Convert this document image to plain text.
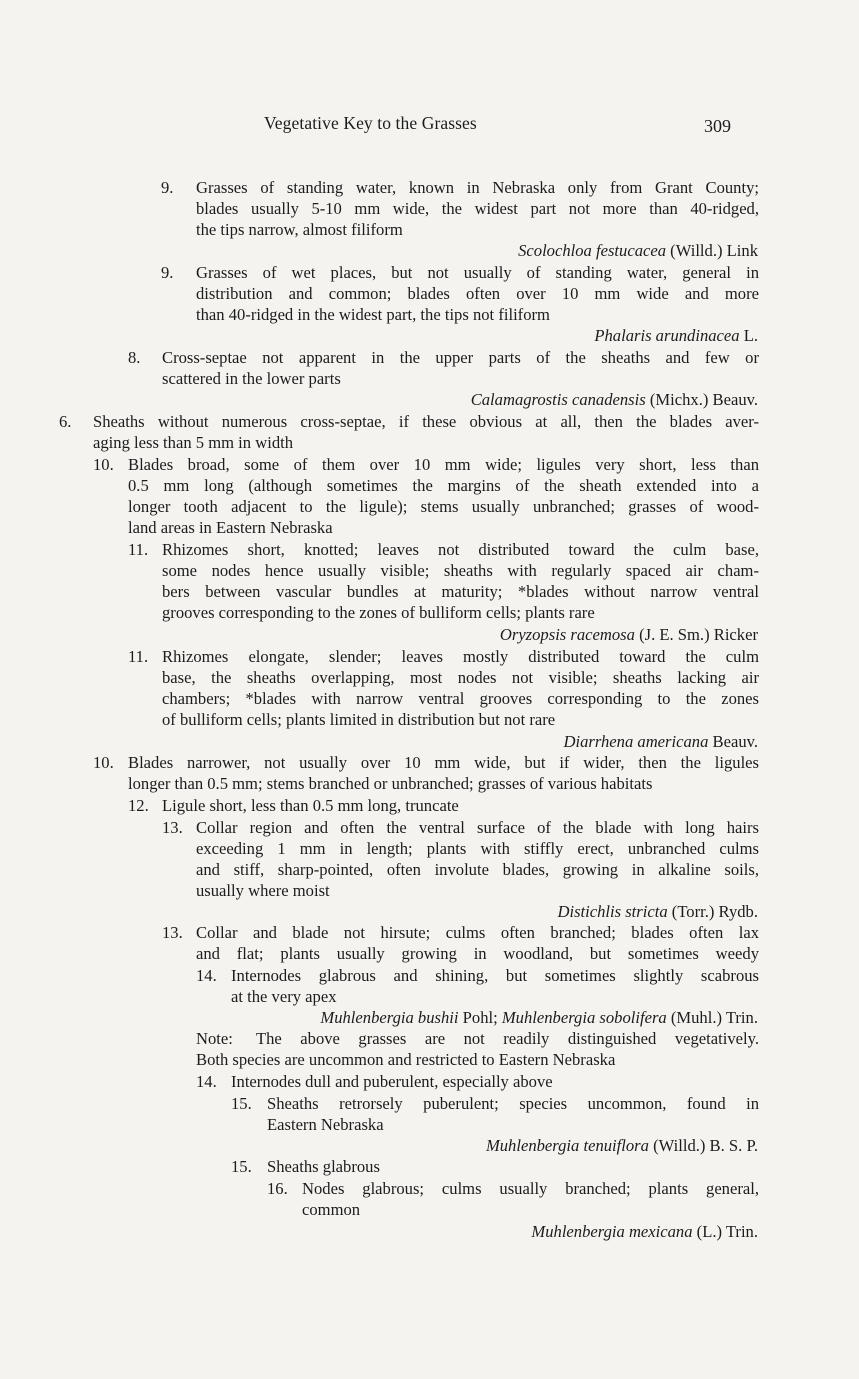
Vegetative Key to the Grasses	309
9. Grasses of standing water, known in Nebraska only from Grant County;
blades usually 5-10 mm wide, the widest part not more than 40-ridged,
the tips narrow, almost filiform
Scolochloa festucacea (Willd.) Link
9. Grasses of wet places, but not usually of standing water, general in
distribution and common; blades often over 10 mm wide and more
than 40-ridged in the widest part, the tips not filiform
Phalaris arundinacea L.
8. Cross-septae not apparent in the upper parts of the sheaths and few or
scattered in the lower parts
Calamagrostis canadensis (Michx.) Beauv.
6. Sheaths without numerous cross-septae, if these obvious at all, then the blades aver-
aging less than 5 mm in width
10. Blades broad, some of them over 10 mm wide; ligules very short, less than
0.5 mm long (although sometimes the margins of the sheath extended into a
longer tooth adjacent to the ligule); stems usually unbranched; grasses of wood-
land areas in Eastern Nebraska
11. Rhizomes short, knotted; leaves not distributed toward the culm base,
some nodes hence usually visible; sheaths with regularly spaced air cham-
bers between vascular bundles at maturity; *blades without narrow ventral
grooves corresponding to the zones of bulliform cells; plants rare
Oryzopsis racemosa (J. E. Sm.) Ricker
11. Rhizomes elongate, slender; leaves mostly distributed toward the culm
base, the sheaths overlapping, most nodes not visible; sheaths lacking air
chambers; *blades with narrow ventral grooves corresponding to the zones
of bulliform cells; plants limited in distribution but not rare
Diarrhena americana Beauv.
10. Blades narrower, not usually over 10 mm wide, but if wider, then the ligules
longer than 0.5 mm; stems branched or unbranched; grasses of various habitats
12. Ligule short, less than 0.5 mm long, truncate
13. Collar region and often the ventral surface of the blade with long hairs
exceeding 1 mm in length; plants with stiffly erect, unbranched culms
and stiff, sharp-pointed, often involute blades, growing in alkaline soils,
usually where moist
Distichlis stricta (Torr.) Rydb.
13. Collar and blade not hirsute; culms often branched; blades often lax
and flat; plants usually growing in woodland, but sometimes weedy
14. Internodes glabrous and shining, but sometimes slightly scabrous
at the very apex
Muhlenbergia bushii Pohl; Muhlenbergia sobolifera (Muhl.) Trin.
Note: The above grasses are not readily distinguished vegetatively.
Both species are uncommon and restricted to Eastern Nebraska
14. Internodes dull and puberulent, especially above
15. Sheaths retrorsely puberulent; species uncommon, found in
Eastern Nebraska
Muhlenbergia tenuiflora (Willd.) B. S. P.
15. Sheaths glabrous
16. Nodes glabrous; culms usually branched; plants general,
common
Muhlenbergia mexicana (L.) Trin.
